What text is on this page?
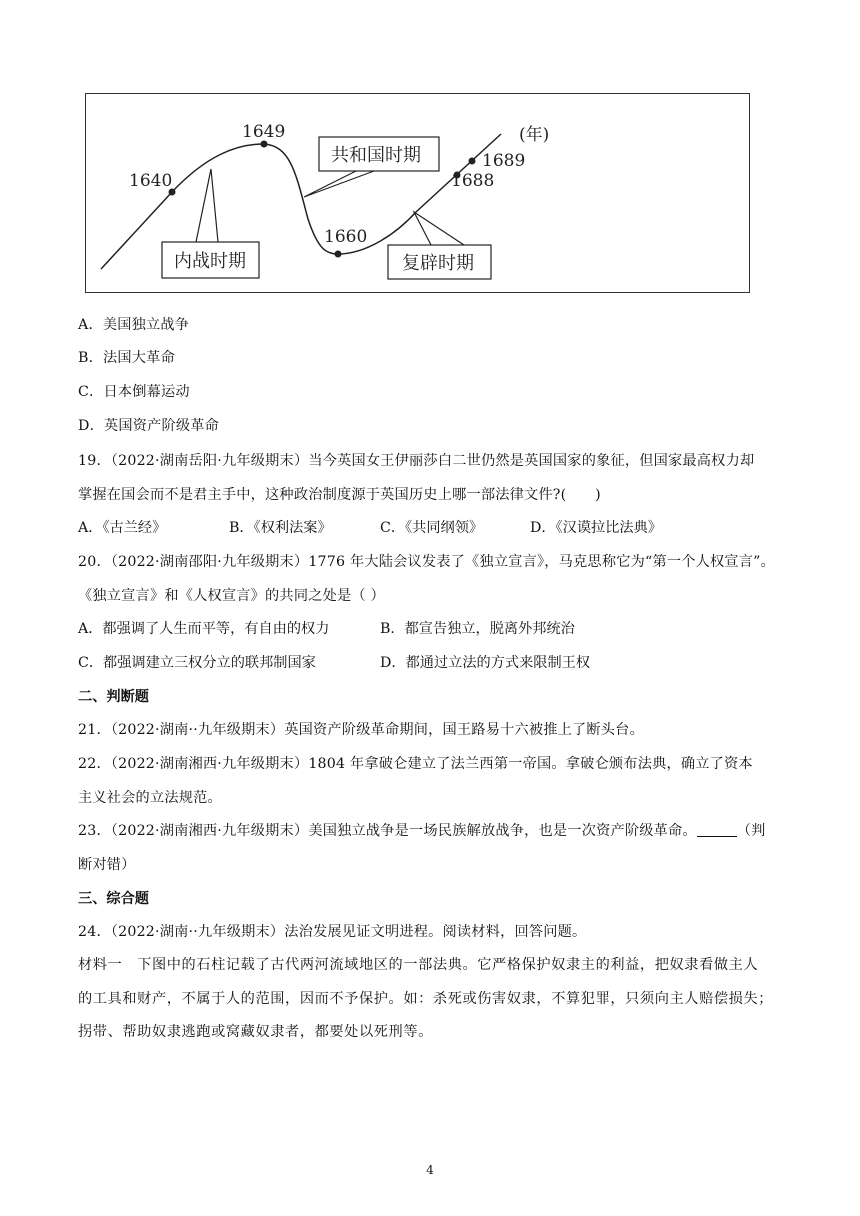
1640
1649
1660
1688
1689
(年)
内战时期
共和国时期
复辟时期
A．美国独立战争
B．法国大革命
C．日本倒幕运动
D．英国资产阶级革命
19．（2022·湖南岳阳·九年级期末）当今英国女王伊丽莎白二世仍然是英国国家的象征，但国家最高权力却
掌握在国会而不是君主手中，这种政治制度源于英国历史上哪一部法律文件?(　　)
A．《古兰经》	B．《权利法案》	C．《共同纲领》	D．《汉谟拉比法典》
20．（2022·湖南邵阳·九年级期末）1776 年大陆会议发表了《独立宣言》，马克思称它为“第一个人权宣言”。
《独立宣言》和《人权宣言》的共同之处是（ ）
A．都强调了人生而平等，有自由的权力	B．都宣告独立，脱离外邦统治
C．都强调建立三权分立的联邦制国家	D．都通过立法的方式来限制王权
二、判断题
21．（2022·湖南··九年级期末）英国资产阶级革命期间，国王路易十六被推上了断头台。
22．（2022·湖南湘西·九年级期末）1804 年拿破仑建立了法兰西第一帝国。拿破仑颁布法典，确立了资本
主义社会的立法规范。
23．（2022·湖南湘西·九年级期末）美国独立战争是一场民族解放战争，也是一次资产阶级革命。	（判
断对错）
三、综合题
24．（2022·湖南··九年级期末）法治发展见证文明进程。阅读材料，回答问题。
材料一　下图中的石柱记载了古代两河流域地区的一部法典。它严格保护奴隶主的利益，把奴隶看做主人
的工具和财产，不属于人的范围，因而不予保护。如：杀死或伤害奴隶，不算犯罪，只须向主人赔偿损失；
拐带、帮助奴隶逃跑或窝藏奴隶者，都要处以死刑等。
4
